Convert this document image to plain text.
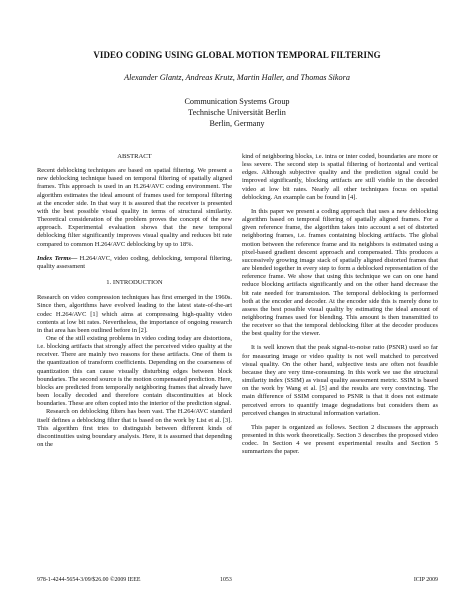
VIDEO CODING USING GLOBAL MOTION TEMPORAL FILTERING
Alexander Glantz, Andreas Krutz, Martin Haller, and Thomas Sikora
Communication Systems Group
Technische Universität Berlin
Berlin, Germany
ABSTRACT

Recent deblocking techniques are based on spatial filtering. We present a new deblocking technique based on temporal filtering of spatially aligned frames. This approach is used in an H.264/AVC coding environment. The algorithm estimates the ideal amount of frames used for temporal filtering at the encoder side. In that way it is assured that the receiver is presented with the best possible visual quality in terms of structural similarity. Theoretical consideration of the problem proves the concept of the new approach. Experimental evaluation shows that the new temporal deblocking filter significantly improves visual quality and reduces bit rate compared to common H.264/AVC deblocking by up to 18%.

Index Terms— H.264/AVC, video coding, deblocking, temporal filtering, quality assessment

1. INTRODUCTION

Research on video compression techniques has first emerged in the 1960s. Since then, algorithms have evolved leading to the latest state-of-the-art codec H.264/AVC [1] which aims at compressing high-quality video contents at low bit rates. Nevertheless, the importance of ongoing research in that area has been outlined before in [2].

One of the still existing problems in video coding today are distortions, i.e. blocking artifacts that strongly affect the perceived video quality at the receiver. There are mainly two reasons for these artifacts. One of them is the quantization of transform coefficients. Depending on the coarseness of quantization this can cause visually disturbing edges between block boundaries. The second source is the motion compensated prediction. Here, blocks are predicted from temporally neighboring frames that already have been locally decoded and therefore contain discontinuities at block boundaries. These are often copied into the interior of the prediction signal.

Research on deblocking filters has been vast. The H.264/AVC standard itself defines a deblocking filter that is based on the work by List et al. [3]. This algorithm first tries to distinguish between different kinds of discontinuities using boundary analysis. Here, it is assumed that depending on the

kind of neighboring blocks, i.e. intra or inter coded, boundaries are more or less severe. The second step is spatial filtering of horizontal and vertical edges. Although subjective quality and the prediction signal could be improved significantly, blocking artifacts are still visible in the decoded video at low bit rates. Nearly all other techniques focus on spatial deblocking. An example can be found in [4].

In this paper we present a coding approach that uses a new deblocking algorithm based on temporal filtering of spatially aligned frames. For a given reference frame, the algorithm takes into account a set of distorted neighboring frames, i.e. frames containing blocking artifacts. The global motion between the reference frame and its neighbors is estimated using a pixel-based gradient descent approach and compensated. This produces a successively growing image stack of spatially aligned distorted frames that are blended together in every step to form a deblocked representation of the reference frame. We show that using this technique we can on one hand reduce blocking artifacts significantly and on the other hand decrease the bit rate needed for transmission. The temporal deblocking is performed both at the encoder and decoder. At the encoder side this is merely done to assess the best possible visual quality by estimating the ideal amount of neighboring frames used for blending. This amount is then transmitted to the receiver so that the temporal deblocking filter at the decoder produces the best quality for the viewer.

It is well known that the peak signal-to-noise ratio (PSNR) used so far for measuring image or video quality is not well matched to perceived visual quality. On the other hand, subjective tests are often not feasible because they are very time-consuming. In this work we use the structural similarity index (SSIM) as visual quality assessment metric. SSIM is based on the work by Wang et al. [5] and the results are very convincing. The main difference of SSIM compared to PSNR is that it does not estimate perceived errors to quantify image degradations but considers them as perceived changes in structural information variation.

This paper is organized as follows. Section 2 discusses the approach presented in this work theoretically. Section 3 describes the proposed video codec. In Section 4 we present experimental results and Section 5 summarizes the paper.

978-1-4244-5654-3/09/$26.00 ©2009 IEEE	1053	ICIP 2009
